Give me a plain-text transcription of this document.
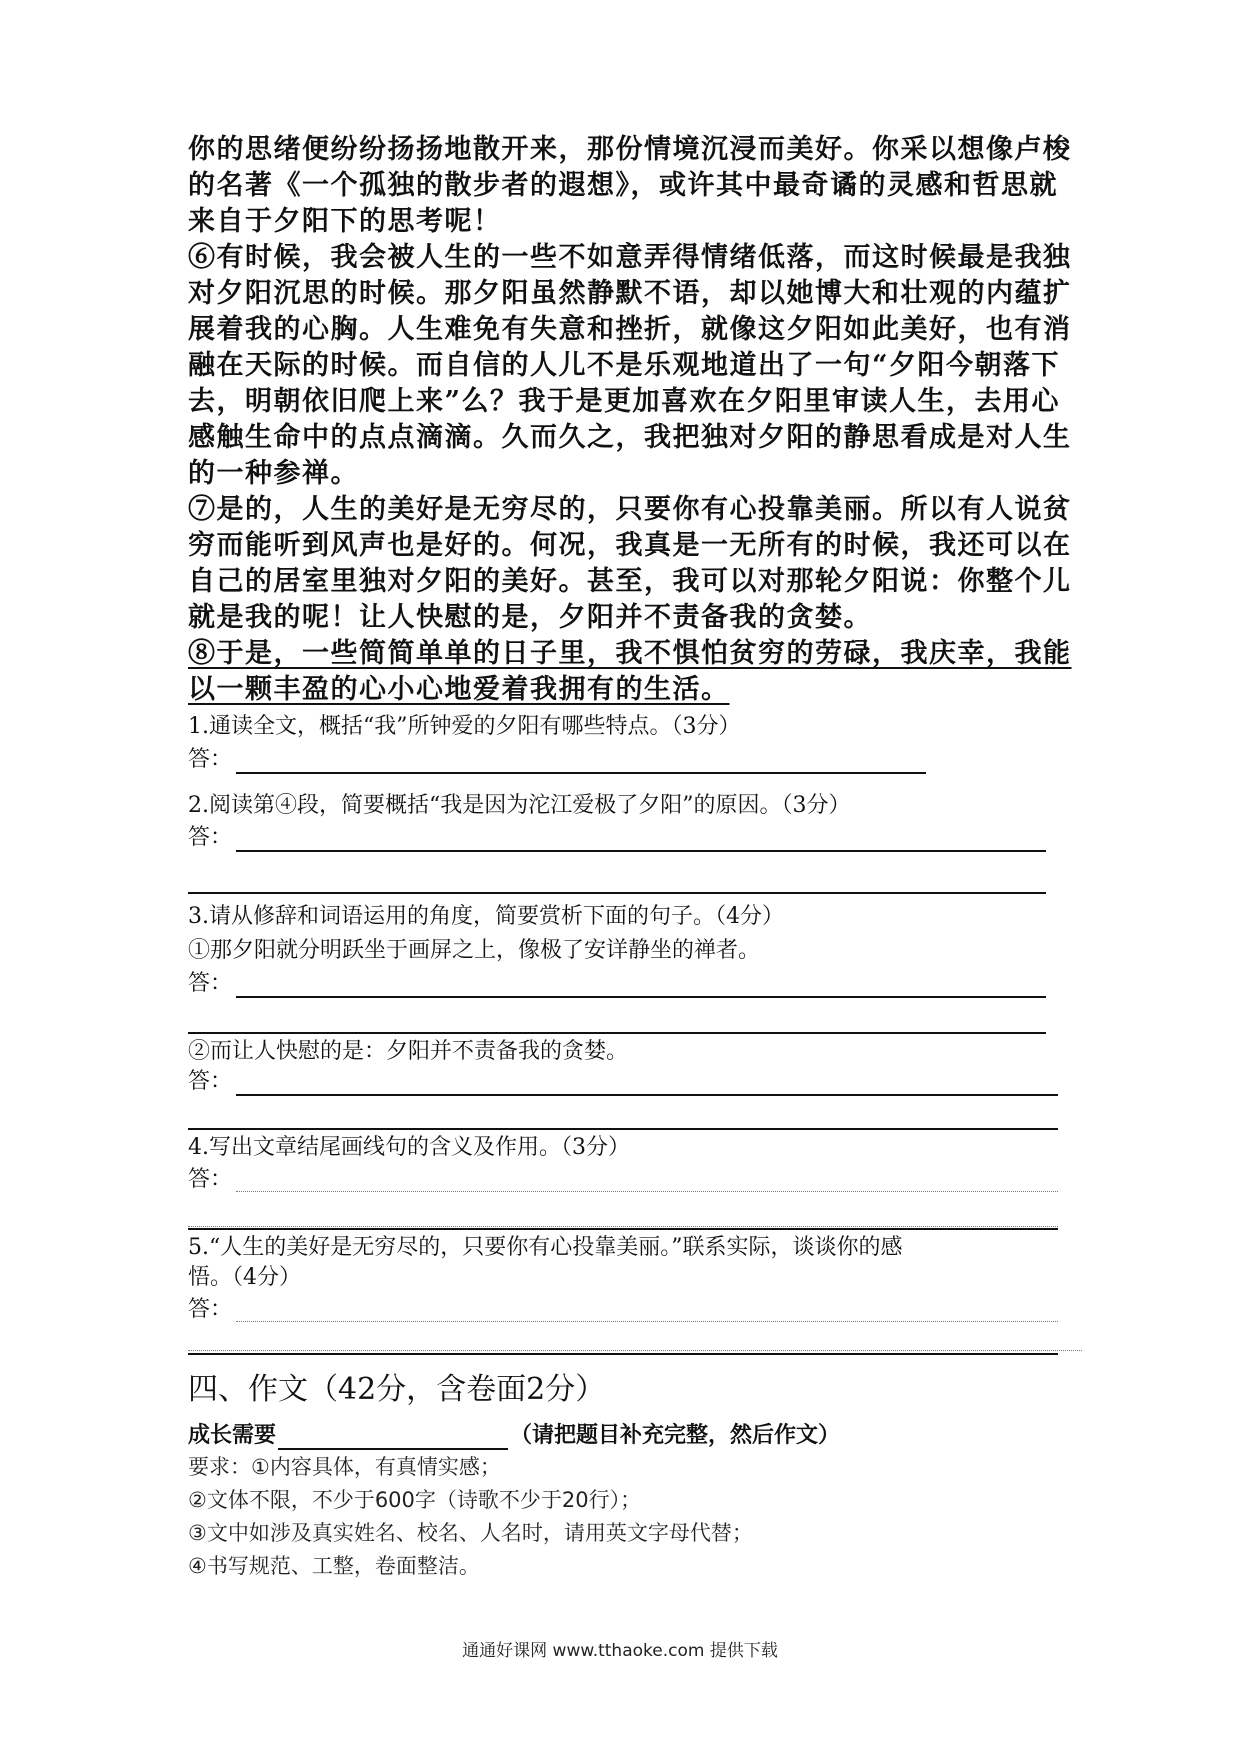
你的思绪便纷纷扬扬地散开来，那份情境沉浸而美好。你采以想像卢梭
的名著《一个孤独的散步者的遐想》，或许其中最奇谲的灵感和哲思就
来自于夕阳下的思考呢！
⑥有时候，我会被人生的一些不如意弄得情绪低落，而这时候最是我独
对夕阳沉思的时候。那夕阳虽然静默不语，却以她博大和壮观的内蕴扩
展着我的心胸。人生难免有失意和挫折，就像这夕阳如此美好，也有消
融在天际的时候。而自信的人儿不是乐观地道出了一句“夕阳今朝落下
去，明朝依旧爬上来”么？我于是更加喜欢在夕阳里审读人生，去用心
感触生命中的点点滴滴。久而久之，我把独对夕阳的静思看成是对人生
的一种参禅。
⑦是的，人生的美好是无穷尽的，只要你有心投靠美丽。所以有人说贫
穷而能听到风声也是好的。何况，我真是一无所有的时候，我还可以在
自己的居室里独对夕阳的美好。甚至，我可以对那轮夕阳说：你整个儿
就是我的呢！让人快慰的是，夕阳并不责备我的贪婪。
⑧于是，一些简简单单的日子里，我不惧怕贫穷的劳碌，我庆幸，我能
以一颗丰盈的心小心地爱着我拥有的生活。
1.通读全文，概括“我”所钟爱的夕阳有哪些特点。（3分）
答：
2.阅读第④段，简要概括“我是因为沱江爱极了夕阳”的原因。（3分）
答：
3.请从修辞和词语运用的角度，简要赏析下面的句子。（4分）
①那夕阳就分明跃坐于画屏之上，像极了安详静坐的禅者。
答：
②而让人快慰的是：夕阳并不责备我的贪婪。
答：
4.写出文章结尾画线句的含义及作用。（3分）
答：
5.“人生的美好是无穷尽的，只要你有心投靠美丽。”联系实际，谈谈你的感
悟。（4分）
答：
四、作文（42分，含卷面2分）
成长需要	（请把题目补充完整，然后作文）
要求：①内容具体，有真情实感；
②文体不限，不少于600字（诗歌不少于20行）；
③文中如涉及真实姓名、校名、人名时，请用英文字母代替；
④书写规范、工整，卷面整洁。
通通好课网 www.tthaoke.com 提供下载
